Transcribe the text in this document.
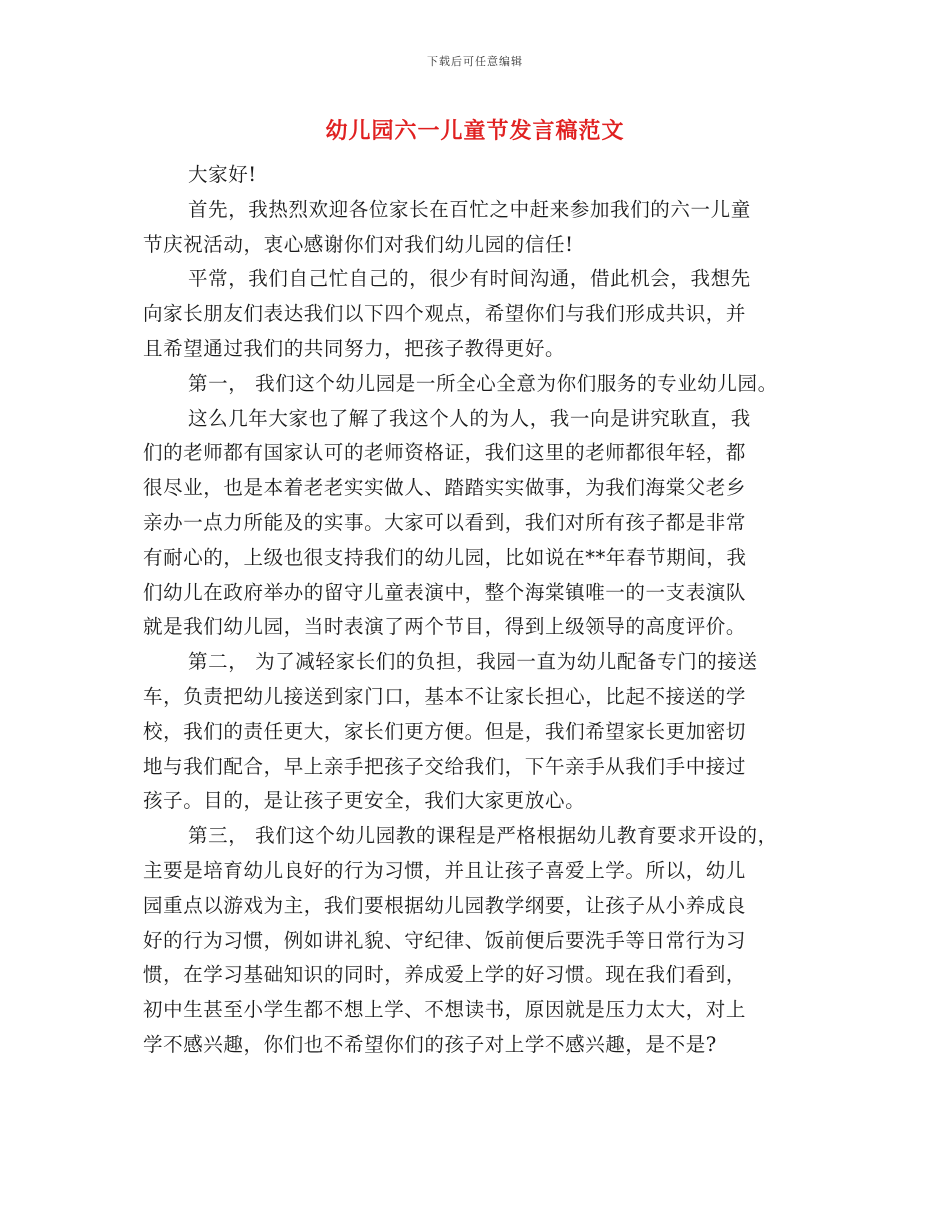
下载后可任意编辑
幼儿园六一儿童节发言稿范文
大家好!
首先，我热烈欢迎各位家长在百忙之中赶来参加我们的六一儿童
节庆祝活动，衷心感谢你们对我们幼儿园的信任!
平常，我们自己忙自己的，很少有时间沟通，借此机会，我想先
向家长朋友们表达我们以下四个观点，希望你们与我们形成共识，并
且希望通过我们的共同努力，把孩子教得更好。
第一， 我们这个幼儿园是一所全心全意为你们服务的专业幼儿园。
这么几年大家也了解了我这个人的为人，我一向是讲究耿直，我
们的老师都有国家认可的老师资格证，我们这里的老师都很年轻，都
很尽业，也是本着老老实实做人、踏踏实实做事，为我们海棠父老乡
亲办一点力所能及的实事。大家可以看到，我们对所有孩子都是非常
有耐心的，上级也很支持我们的幼儿园，比如说在**年春节期间，我
们幼儿在政府举办的留守儿童表演中，整个海棠镇唯一的一支表演队
就是我们幼儿园，当时表演了两个节目，得到上级领导的高度评价。
第二， 为了减轻家长们的负担，我园一直为幼儿配备专门的接送
车，负责把幼儿接送到家门口，基本不让家长担心，比起不接送的学
校，我们的责任更大，家长们更方便。但是，我们希望家长更加密切
地与我们配合，早上亲手把孩子交给我们，下午亲手从我们手中接过
孩子。目的，是让孩子更安全，我们大家更放心。
第三， 我们这个幼儿园教的课程是严格根据幼儿教育要求开设的，
主要是培育幼儿良好的行为习惯，并且让孩子喜爱上学。所以，幼儿
园重点以游戏为主，我们要根据幼儿园教学纲要，让孩子从小养成良
好的行为习惯，例如讲礼貌、守纪律、饭前便后要洗手等日常行为习
惯，在学习基础知识的同时，养成爱上学的好习惯。现在我们看到，
初中生甚至小学生都不想上学、不想读书，原因就是压力太大，对上
学不感兴趣，你们也不希望你们的孩子对上学不感兴趣，是不是?
